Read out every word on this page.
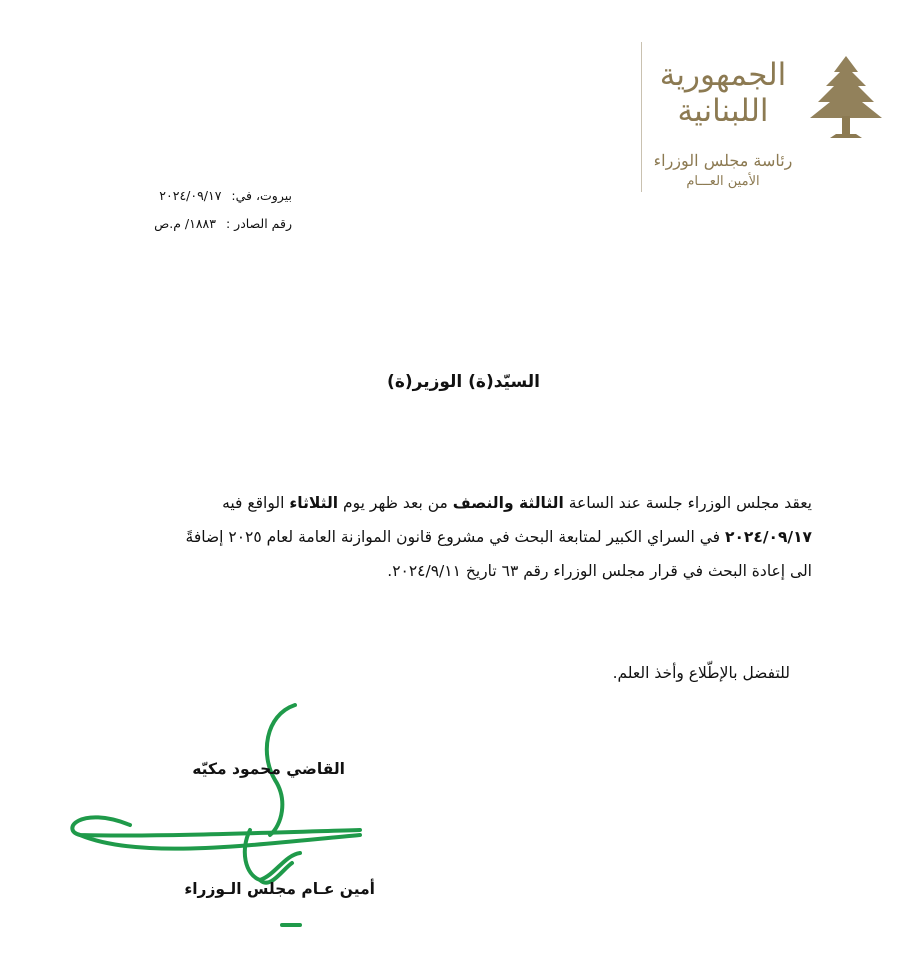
الجمهورية
اللبنانية
رئاسة مجلس الوزراء
الأمين العـــام
بيروت، في: ٢٠٢٤/٠٩/١٧
رقم الصادر : ١٨٨٣/ م.ص
السيّد(ة) الوزير(ة)
يعقد مجلس الوزراء جلسة عند الساعة الثالثة والنصف من بعد ظهر يوم الثلاثاء الواقع فيه
٢٠٢٤/٠٩/١٧ في السراي الكبير لمتابعة البحث في مشروع قانون الموازنة العامة لعام ٢٠٢٥ إضافةً
الى إعادة البحث في قرار مجلس الوزراء رقم ٦٣ تاريخ ٢٠٢٤/٩/١١.
للتفضل بالإطّلاع وأخذ العلم.
القاضي محمود مكيّه
أمين عـام مجلس الـوزراء
